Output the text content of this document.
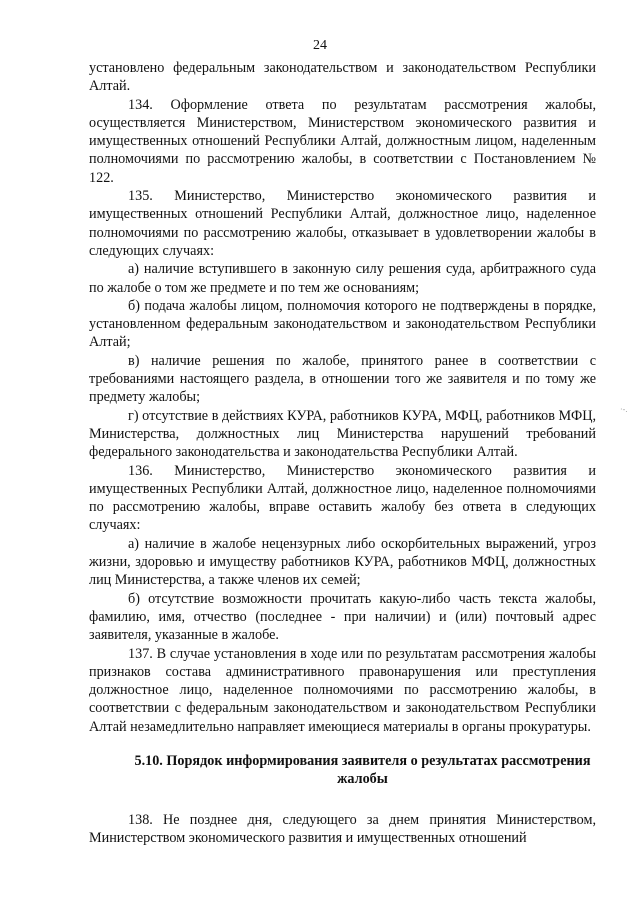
24

установлено федеральным законодательством и законодательством Республики Алтай.

134. Оформление ответа по результатам рассмотрения жалобы, осуществляется Министерством, Министерством экономического развития и имущественных отношений Республики Алтай, должностным лицом, наделенным полномочиями по рассмотрению жалобы, в соответствии с Постановлением № 122.

135. Министерство, Министерство экономического развития и имущественных отношений Республики Алтай, должностное лицо, наделенное полномочиями по рассмотрению жалобы, отказывает в удовлетворении жалобы в следующих случаях:

а) наличие вступившего в законную силу решения суда, арбитражного суда по жалобе о том же предмете и по тем же основаниям;

б) подача жалобы лицом, полномочия которого не подтверждены в порядке, установленном федеральным законодательством и законодательством Республики Алтай;

в) наличие решения по жалобе, принятого ранее в соответствии с требованиями настоящего раздела, в отношении того же заявителя и по тому же предмету жалобы;

г) отсутствие в действиях КУРА, работников КУРА, МФЦ, работников МФЦ, Министерства, должностных лиц Министерства нарушений требований федерального законодательства и законодательства Республики Алтай.

136. Министерство, Министерство экономического развития и имущественных Республики Алтай, должностное лицо, наделенное полномочиями по рассмотрению жалобы, вправе оставить жалобу без ответа в следующих случаях:

а) наличие в жалобе нецензурных либо оскорбительных выражений, угроз жизни, здоровью и имуществу работников КУРА, работников МФЦ, должностных лиц Министерства, а также членов их семей;

б) отсутствие возможности прочитать какую-либо часть текста жалобы, фамилию, имя, отчество (последнее - при наличии) и (или) почтовый адрес заявителя, указанные в жалобе.

137. В случае установления в ходе или по результатам рассмотрения жалобы признаков состава административного правонарушения или преступления должностное лицо, наделенное полномочиями по рассмотрению жалобы, в соответствии с федеральным законодательством и законодательством Республики Алтай незамедлительно направляет имеющиеся материалы в органы прокуратуры.

5.10. Порядок информирования заявителя о результатах рассмотрения жалобы

138. Не позднее дня, следующего за днем принятия Министерством, Министерством экономического развития и имущественных отношений

·-.
